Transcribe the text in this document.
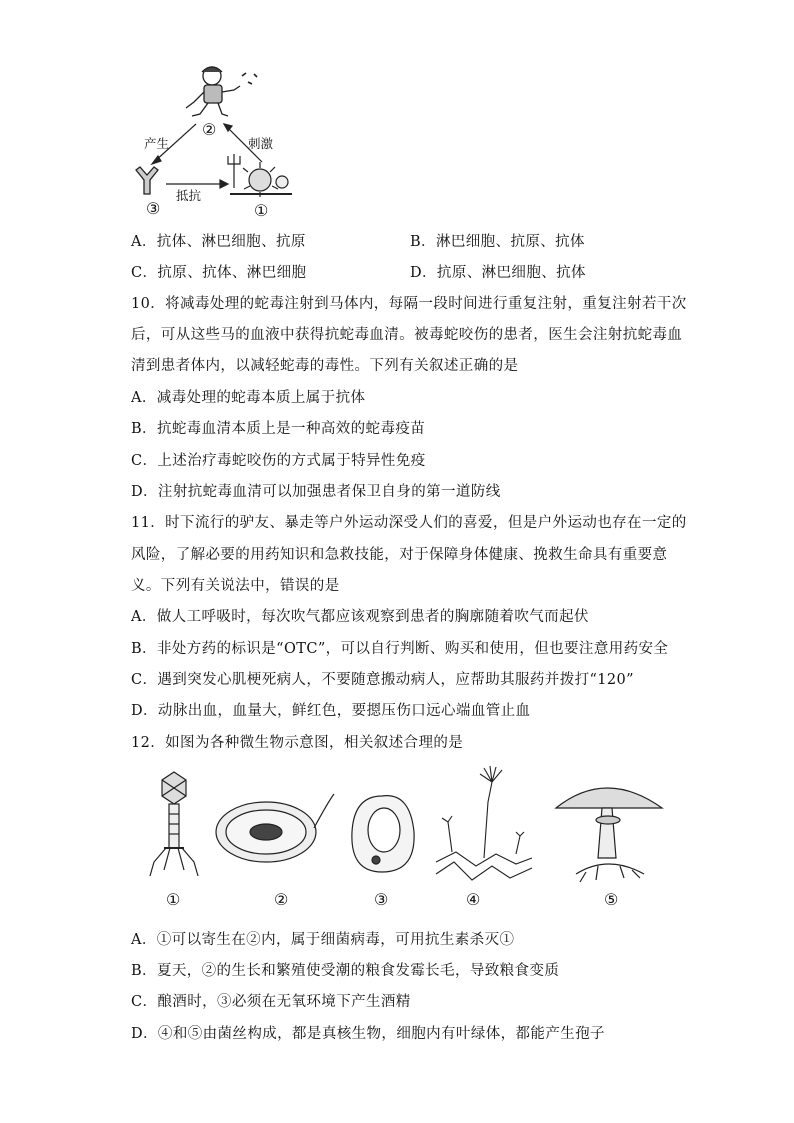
产生	刺激
抵抗
②
③	①
A．抗体、淋巴细胞、抗原	B．淋巴细胞、抗原、抗体
C．抗原、抗体、淋巴细胞	D．抗原、淋巴细胞、抗体
10．将减毒处理的蛇毒注射到马体内，每隔一段时间进行重复注射，重复注射若干次
后，可从这些马的血液中获得抗蛇毒血清。被毒蛇咬伤的患者，医生会注射抗蛇毒血
清到患者体内，以减轻蛇毒的毒性。下列有关叙述正确的是
A．减毒处理的蛇毒本质上属于抗体
B．抗蛇毒血清本质上是一种高效的蛇毒疫苗
C．上述治疗毒蛇咬伤的方式属于特异性免疫
D．注射抗蛇毒血清可以加强患者保卫自身的第一道防线
11．时下流行的驴友、暴走等户外运动深受人们的喜爱，但是户外运动也存在一定的
风险，了解必要的用药知识和急救技能，对于保障身体健康、挽救生命具有重要意
义。下列有关说法中，错误的是
A．做人工呼吸时，每次吹气都应该观察到患者的胸廓随着吹气而起伏
B．非处方药的标识是“OTC”，可以自行判断、购买和使用，但也要注意用药安全
C．遇到突发心肌梗死病人，不要随意搬动病人，应帮助其服药并拨打“120”
D．动脉出血，血量大，鲜红色，要摁压伤口远心端血管止血
12．如图为各种微生物示意图，相关叙述合理的是
①	②	③	④	⑤
A．①可以寄生在②内，属于细菌病毒，可用抗生素杀灭①
B．夏天，②的生长和繁殖使受潮的粮食发霉长毛，导致粮食变质
C．酿酒时，③必须在无氧环境下产生酒精
D．④和⑤由菌丝构成，都是真核生物，细胞内有叶绿体，都能产生孢子
